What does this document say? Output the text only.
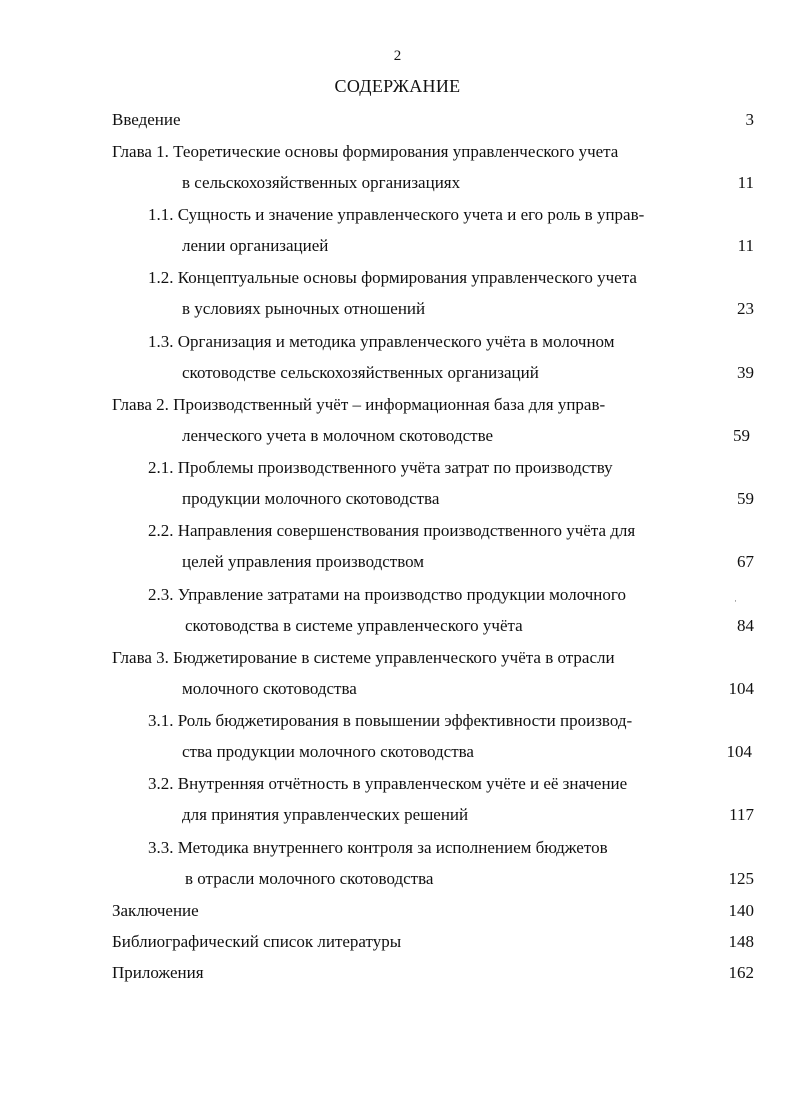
2
СОДЕРЖАНИЕ
Введение	3
Глава 1. Теоретические основы формирования управленческого учета
в сельскохозяйственных организациях	11
1.1. Сущность и значение управленческого учета и его роль в управ-
лении организацией	11
1.2. Концептуальные основы формирования управленческого учета
в условиях рыночных отношений	23
1.3. Организация и методика управленческого учёта в молочном
скотоводстве сельскохозяйственных организаций	39
Глава 2. Производственный учёт – информационная база для управ-
ленческого учета в молочном скотоводстве	59
2.1. Проблемы производственного учёта затрат по производству
продукции молочного скотоводства	59
2.2. Направления совершенствования производственного учёта для
целей управления производством	67
2.3. Управление затратами на производство продукции молочного	·
скотоводства в системе управленческого учёта	84
Глава 3. Бюджетирование в системе управленческого учёта в отрасли
молочного скотоводства	104
3.1. Роль бюджетирования в повышении эффективности производ-
ства продукции молочного скотоводства	104
3.2. Внутренняя отчётность в управленческом учёте и её значение
для принятия управленческих решений	117
3.3. Методика внутреннего контроля за исполнением бюджетов
в отрасли молочного скотоводства	125
Заключение	140
Библиографический список литературы	148
Приложения	162
